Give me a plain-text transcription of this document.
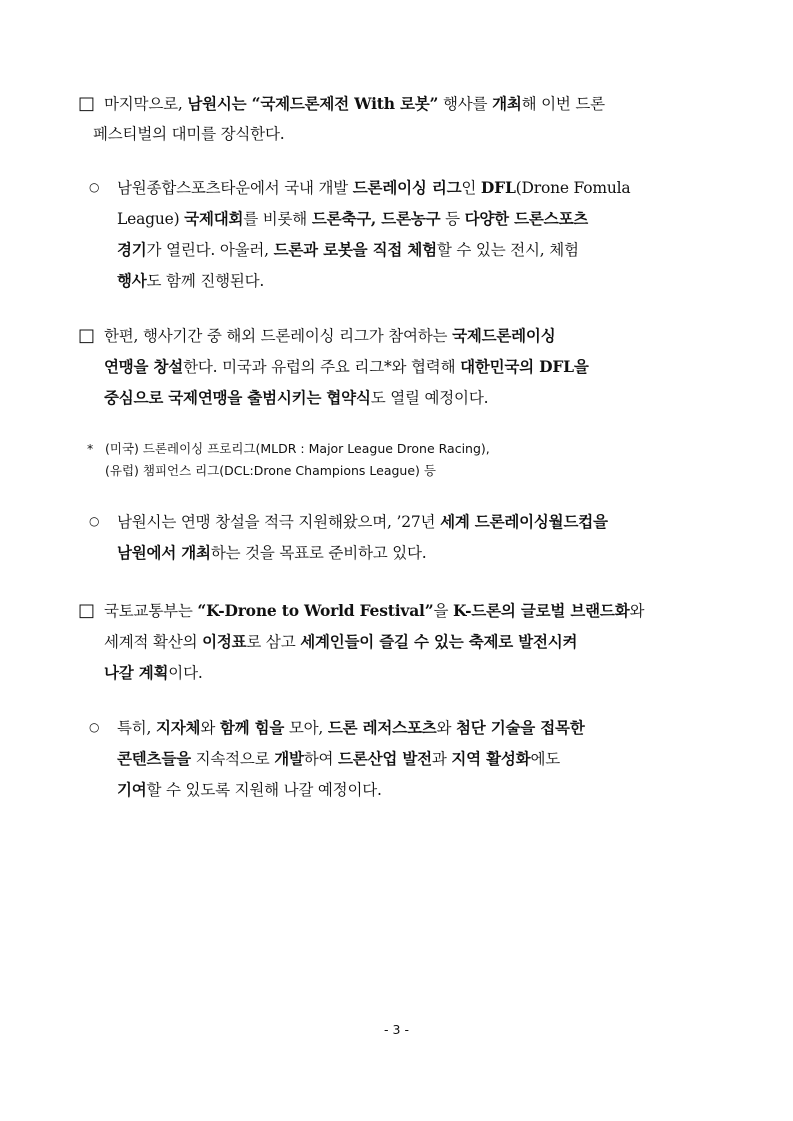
□ 마지막으로, 남원시는 “국제드론제전 With 로봇” 행사를 개최해 이번 드론
페스티벌의 대미를 장식한다.
○ 남원종합스포츠타운에서 국내 개발 드론레이싱 리그인 DFL(Drone Fomula
League) 국제대회를 비롯해 드론축구, 드론농구 등 다양한 드론스포츠
경기가 열린다. 아울러, 드론과 로봇을 직접 체험할 수 있는 전시, 체험
행사도 함께 진행된다.
□ 한편, 행사기간 중 해외 드론레이싱 리그가 참여하는 국제드론레이싱
연맹을 창설한다. 미국과 유럽의 주요 리그*와 협력해 대한민국의 DFL을
중심으로 국제연맹을 출범시키는 협약식도 열릴 예정이다.
* (미국) 드론레이싱 프로리그(MLDR : Major League Drone Racing),
(유럽) 챔피언스 리그(DCL:Drone Champions League) 등
○ 남원시는 연맹 창설을 적극 지원해왔으며, ’27년 세계 드론레이싱월드컵을
남원에서 개최하는 것을 목표로 준비하고 있다.
□ 국토교통부는 “K-Drone to World Festival”을 K-드론의 글로벌 브랜드화와
세계적 확산의 이정표로 삼고 세계인들이 즐길 수 있는 축제로 발전시켜
나갈 계획이다.
○ 특히, 지자체와 함께 힘을 모아, 드론 레저스포츠와 첨단 기술을 접목한
콘텐츠들을 지속적으로 개발하여 드론산업 발전과 지역 활성화에도
기여할 수 있도록 지원해 나갈 예정이다.
- 3 -
